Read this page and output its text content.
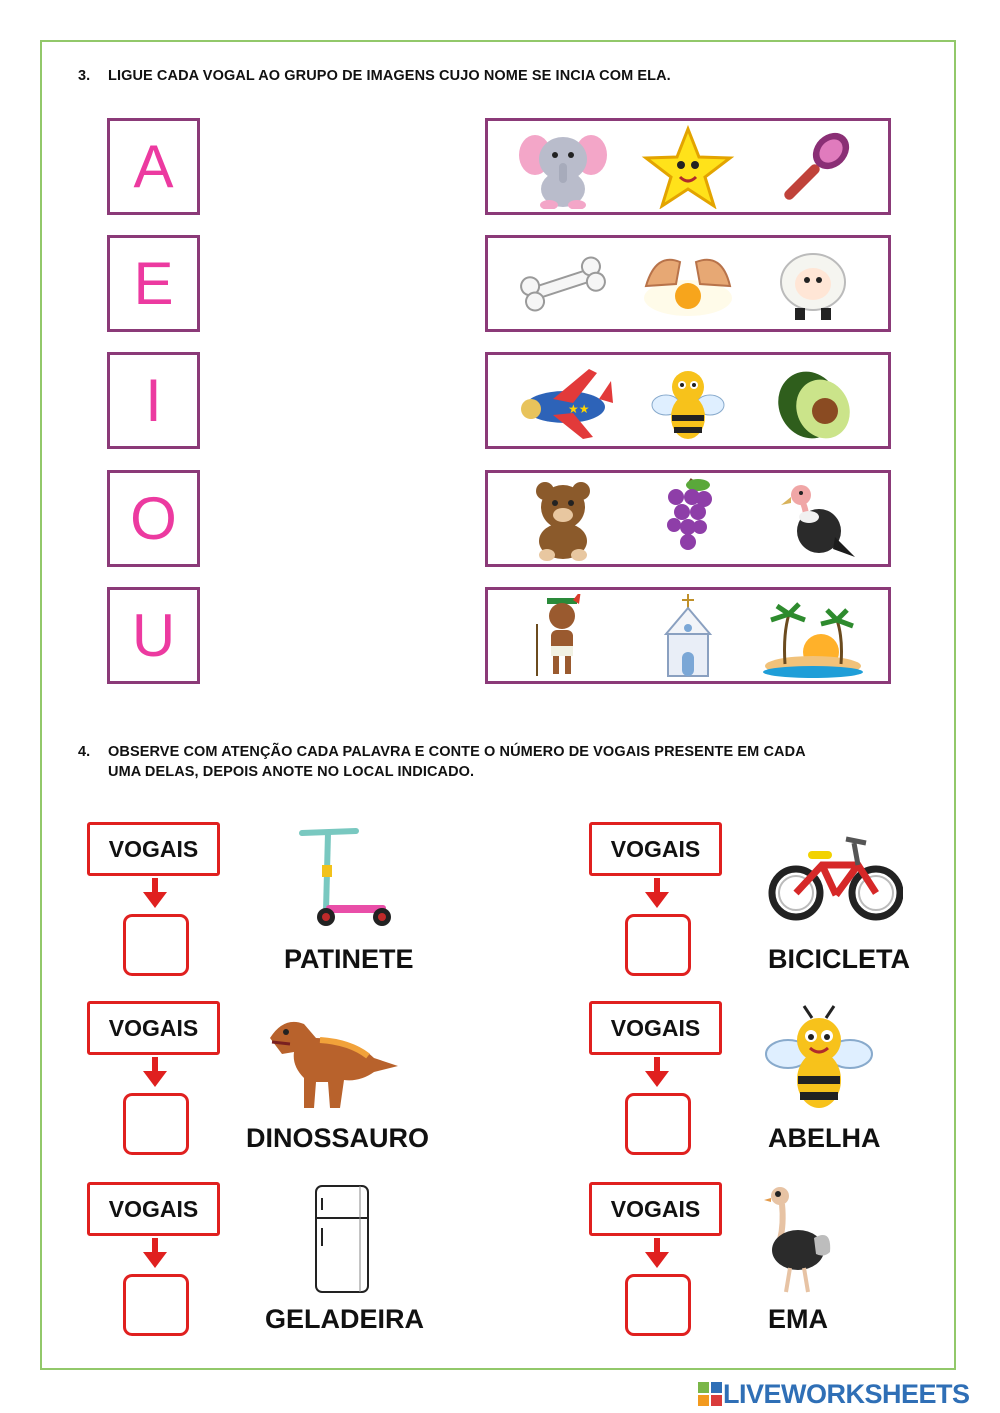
3. LIGUE CADA VOGAL AO GRUPO DE IMAGENS CUJO NOME SE INCIA COM ELA.
A
E
I
O
U
★★
4. OBSERVE COM ATENÇÃO CADA PALAVRA E CONTE O NÚMERO DE VOGAIS PRESENTE EM CADA
UMA DELAS, DEPOIS ANOTE NO LOCAL INDICADO.
VOGAIS
PATINETE
VOGAIS
BICICLETA
VOGAIS
DINOSSAURO
VOGAIS
ABELHA
VOGAIS
GELADEIRA
VOGAIS
EMA
LIVEWORKSHEETS
